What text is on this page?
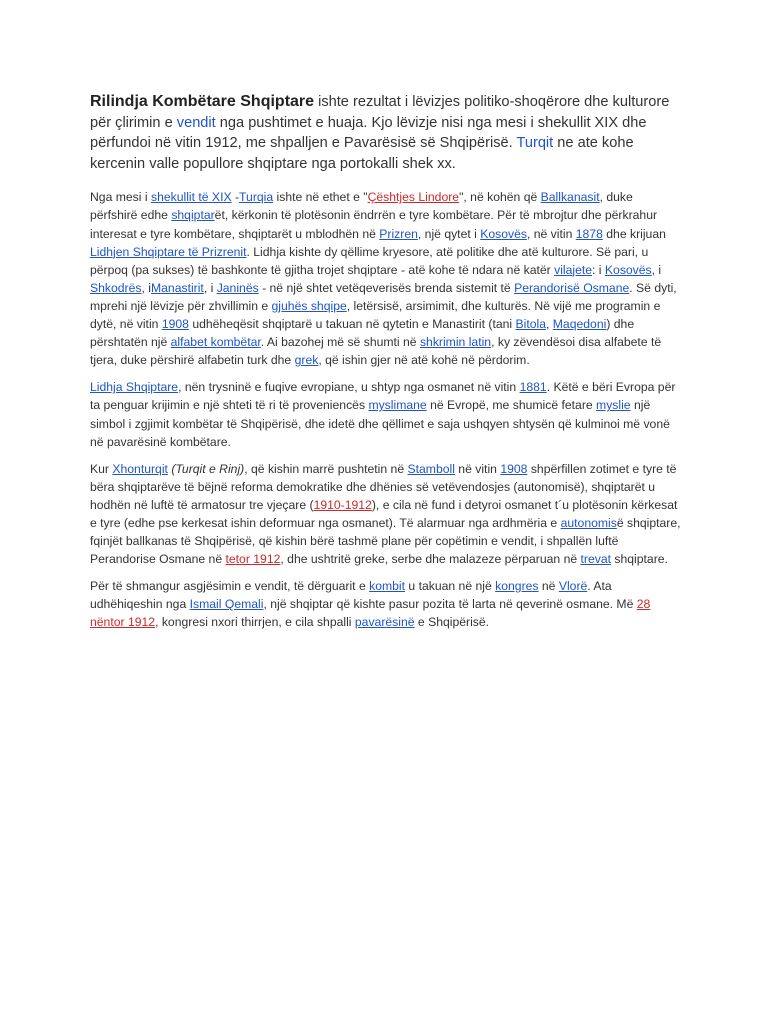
Rilindja Kombëtare Shqiptare ishte rezultat i lëvizjes politiko-shoqërore dhe kulturore për çlirimin e vendit nga pushtimet e huaja. Kjo lëvizje nisi nga mesi i shekullit XIX dhe përfundoi në vitin 1912, me shpalljen e Pavarësisë së Shqipërisë. Turqit ne ate kohe kercenin valle popullore shqiptare nga portokalli shek xx.

Nga mesi i shekullit të XIX -Turqia ishte në ethet e "Çështjes Lindore", në kohën që Ballkanasit, duke përfshirë edhe shqiptarët, kërkonin të plotësonin ëndrrën e tyre kombëtare. Për të mbrojtur dhe përkrahur interesat e tyre kombëtare, shqiptarët u mblodhën në Prizren, një qytet i Kosovës, në vitin 1878 dhe krijuan Lidhjen Shqiptare të Prizrenit. Lidhja kishte dy qëllime kryesore, atë politike dhe atë kulturore. Së pari, u përpoq (pa sukses) të bashkonte të gjitha trojet shqiptare - atë kohe të ndara në katër vilajete: i Kosovës, i Shkodrës, iManastirit, i Janinës - në një shtet vetëqeverisës brenda sistemit të Perandorisë Osmane. Së dyti, mprehi një lëvizje për zhvillimin e gjuhës shqipe, letërsisë, arsimimit, dhe kulturës. Në vijë me programin e dytë, në vitin 1908 udhëheqësit shqiptarë u takuan në qytetin e Manastirit (tani Bitola, Maqedoni) dhe përshtatën një alfabet kombëtar. Ai bazohej më së shumti në shkrimin latin, ky zëvendësoi disa alfabete të tjera, duke përshirë alfabetin turk dhe grek, që ishin gjer në atë kohë në përdorim.

Lidhja Shqiptare, nën trysninë e fuqive evropiane, u shtyp nga osmanet në vitin 1881. Këtë e bëri Evropa për ta penguar krijimin e një shteti të ri të proveniencës myslimane në Evropë, me shumicë fetare myslie një simbol i zgjimit kombëtar të Shqipërisë, dhe idetë dhe qëllimet e saja ushqyen shtysën që kulminoi më vonë në pavarësinë kombëtare.

Kur Xhonturqit (Turqit e Rinj), që kishin marrë pushtetin në Stamboll në vitin 1908 shpërfillen zotimet e tyre të bëra shqiptarëve të bëjnë reforma demokratike dhe dhënies së vetëvendosjes (autonomisë), shqiptarët u hodhën në luftë të armatosur tre vjeçare (1910-1912), e cila në fund i detyroi osmanet t´u plotësonin kërkesat e tyre (edhe pse kerkesat ishin deformuar nga osmanet). Të alarmuar nga ardhmëria e autonomisë shqiptare, fqinjët ballkanas të Shqipërisë, që kishin bërë tashmë plane për copëtimin e vendit, i shpallën luftë Perandorise Osmane në tetor 1912, dhe ushtritë greke, serbe dhe malazeze përparuan në trevat shqiptare.

Për të shmangur asgjësimin e vendit, të dërguarit e kombit u takuan në një kongres në Vlorë. Ata udhëhiqeshin nga Ismail Qemali, një shqiptar që kishte pasur pozita të larta në qeverinë osmane. Më 28 nëntor 1912, kongresi nxori thirrjen, e cila shpalli pavarësinë e Shqipërisë.
